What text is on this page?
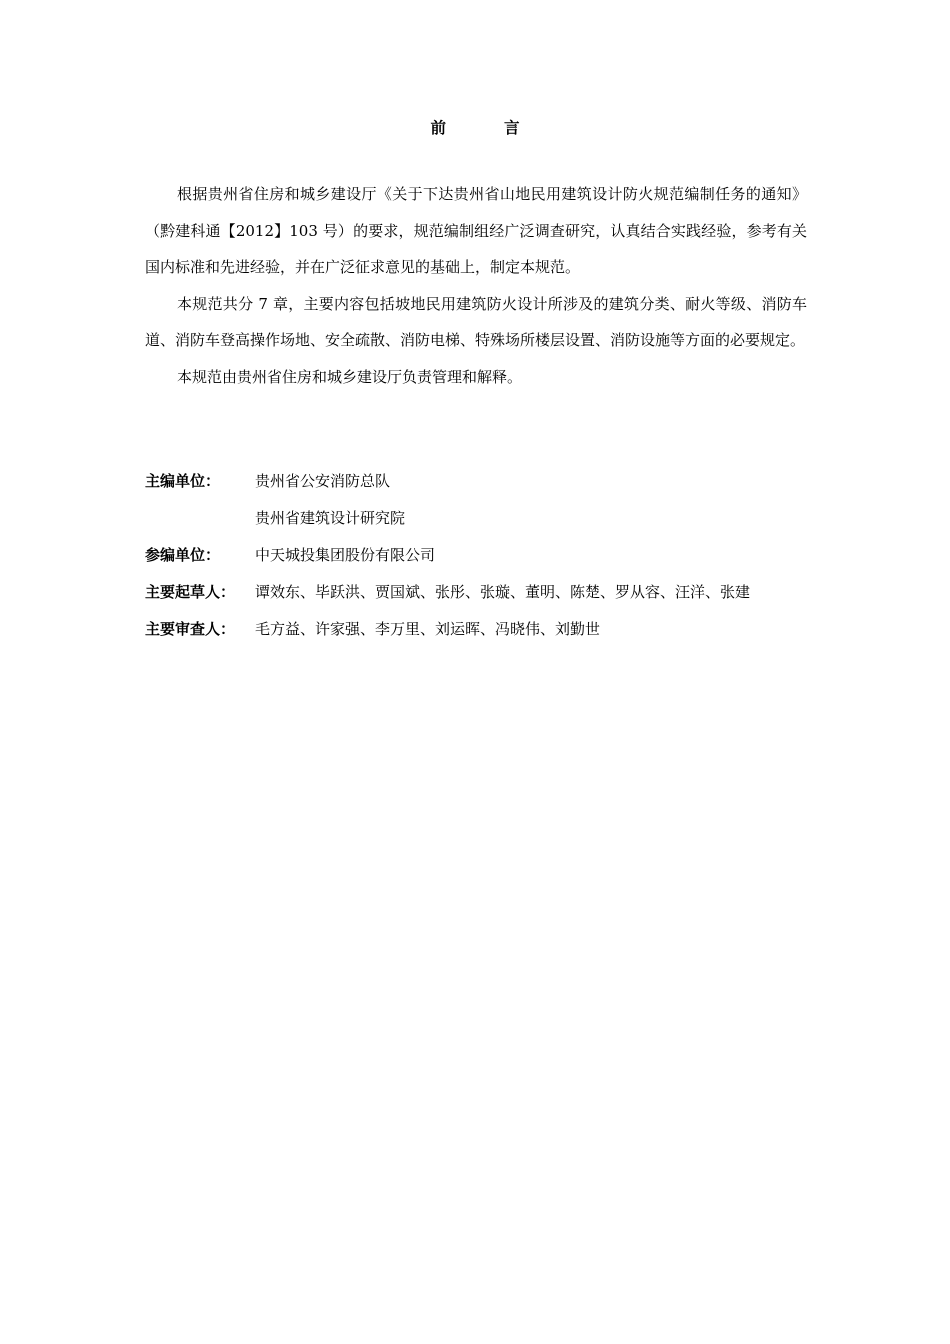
前	言

根据贵州省住房和城乡建设厅《关于下达贵州省山地民用建筑设计防火规范编制任务的通知》（黔建科通【2012】103 号）的要求，规范编制组经广泛调查研究，认真结合实践经验，参考有关国内标准和先进经验，并在广泛征求意见的基础上，制定本规范。

本规范共分 7 章，主要内容包括坡地民用建筑防火设计所涉及的建筑分类、耐火等级、消防车道、消防车登高操作场地、安全疏散、消防电梯、特殊场所楼层设置、消防设施等方面的必要规定。

本规范由贵州省住房和城乡建设厅负责管理和解释。

主编单位：	贵州省公安消防总队
贵州省建筑设计研究院
参编单位：	中天城投集团股份有限公司
主要起草人：	谭效东、毕跃洪、贾国斌、张彤、张璇、董明、陈楚、罗从容、汪洋、张建
主要审查人：	毛方益、许家强、李万里、刘运晖、冯晓伟、刘勤世
